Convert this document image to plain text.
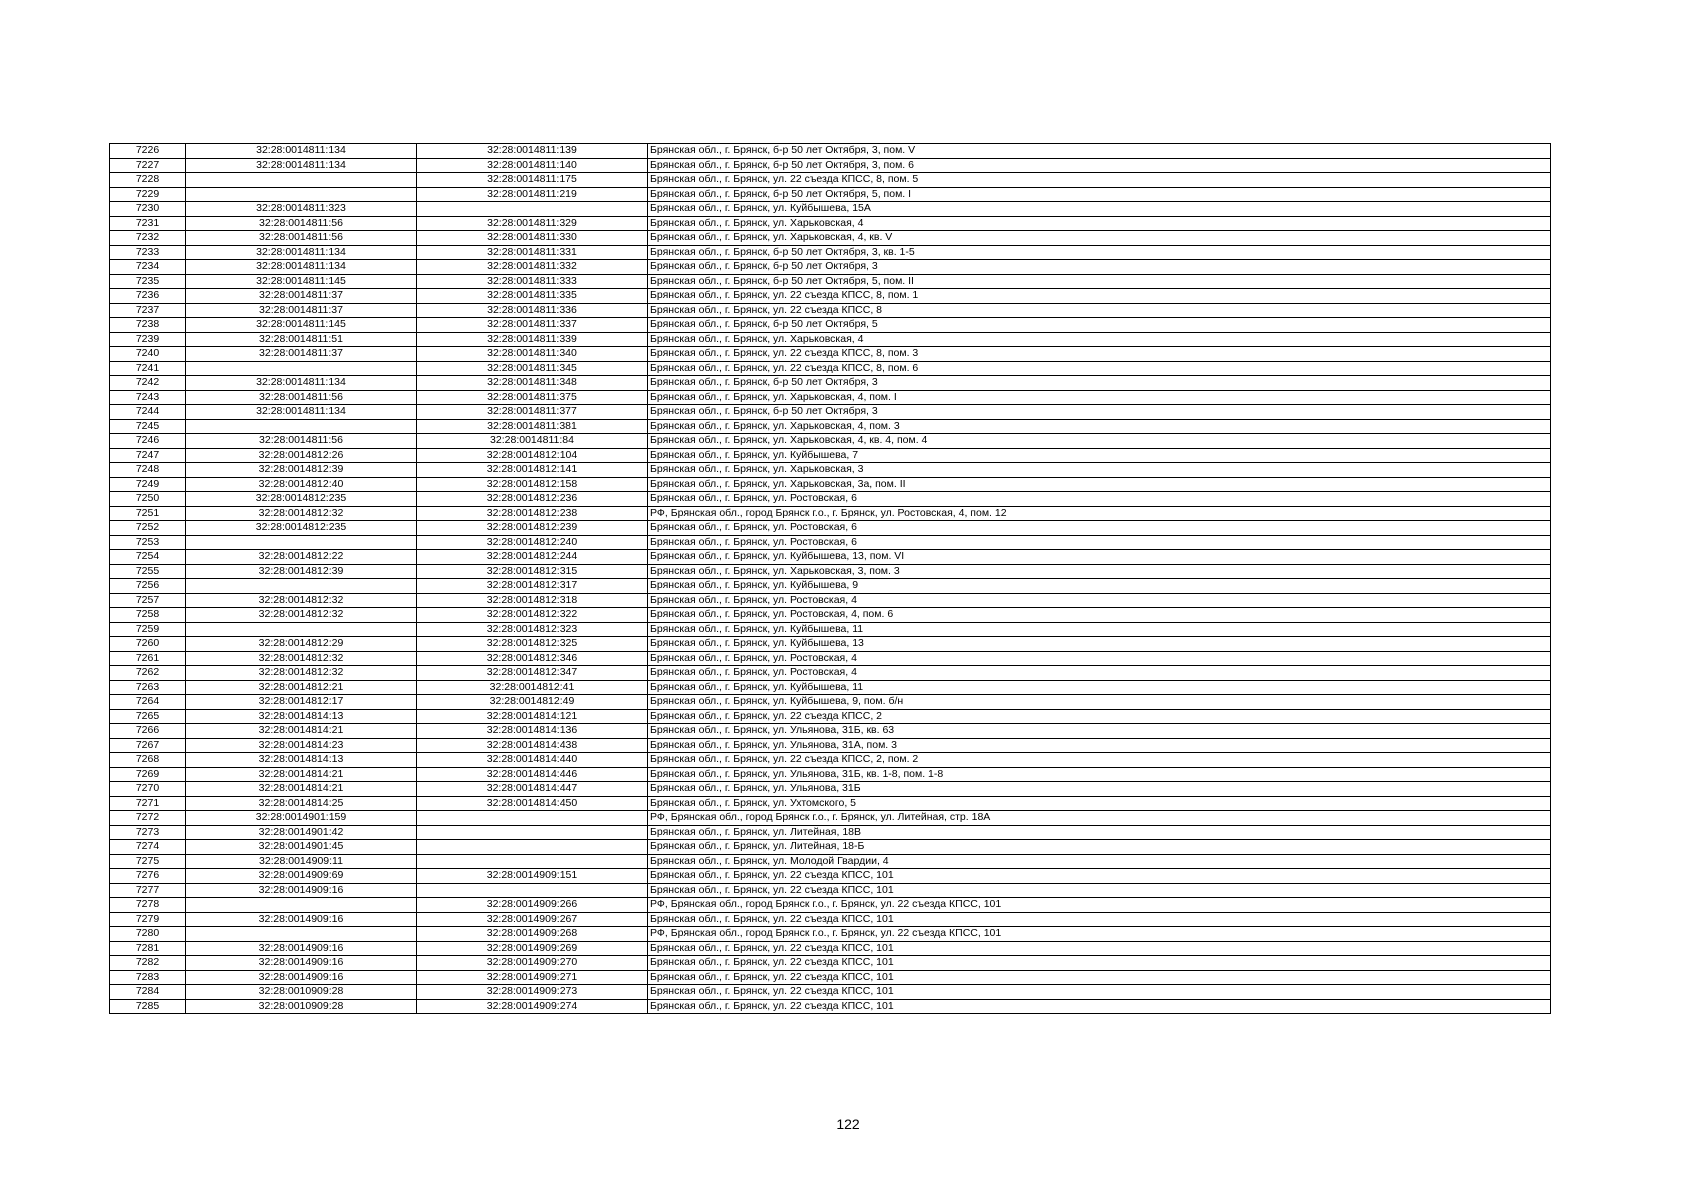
7226	32:28:0014811:134	32:28:0014811:139	Брянская обл., г. Брянск, б-р 50 лет Октября, 3, пом. V
7227	32:28:0014811:134	32:28:0014811:140	Брянская обл., г. Брянск, б-р 50 лет Октября, 3, пом. 6
7228		32:28:0014811:175	Брянская обл., г. Брянск, ул. 22 съезда КПСС, 8, пом. 5
7229		32:28:0014811:219	Брянская обл., г. Брянск, б-р 50 лет Октября, 5, пом. I
7230	32:28:0014811:323		Брянская обл., г. Брянск, ул. Куйбышева, 15А
7231	32:28:0014811:56	32:28:0014811:329	Брянская обл., г. Брянск, ул. Харьковская, 4
7232	32:28:0014811:56	32:28:0014811:330	Брянская обл., г. Брянск, ул. Харьковская, 4, кв. V
7233	32:28:0014811:134	32:28:0014811:331	Брянская обл., г. Брянск, б-р 50 лет Октября, 3, кв. 1-5
7234	32:28:0014811:134	32:28:0014811:332	Брянская обл., г. Брянск, б-р 50 лет Октября, 3
7235	32:28:0014811:145	32:28:0014811:333	Брянская обл., г. Брянск, б-р 50 лет Октября, 5, пом. II
7236	32:28:0014811:37	32:28:0014811:335	Брянская обл., г. Брянск, ул. 22 съезда КПСС, 8, пом. 1
7237	32:28:0014811:37	32:28:0014811:336	Брянская обл., г. Брянск, ул. 22 съезда КПСС, 8
7238	32:28:0014811:145	32:28:0014811:337	Брянская обл., г. Брянск, б-р 50 лет Октября, 5
7239	32:28:0014811:51	32:28:0014811:339	Брянская обл., г. Брянск, ул. Харьковская, 4
7240	32:28:0014811:37	32:28:0014811:340	Брянская обл., г. Брянск, ул. 22 съезда КПСС, 8, пом. 3
7241		32:28:0014811:345	Брянская обл., г. Брянск, ул. 22 съезда КПСС, 8, пом. 6
7242	32:28:0014811:134	32:28:0014811:348	Брянская обл., г. Брянск, б-р 50 лет Октября, 3
7243	32:28:0014811:56	32:28:0014811:375	Брянская обл., г. Брянск, ул. Харьковская, 4, пом. I
7244	32:28:0014811:134	32:28:0014811:377	Брянская обл., г. Брянск, б-р 50 лет Октября, 3
7245		32:28:0014811:381	Брянская обл., г. Брянск, ул. Харьковская, 4, пом. 3
7246	32:28:0014811:56	32:28:0014811:84	Брянская обл., г. Брянск, ул. Харьковская, 4, кв. 4, пом. 4
7247	32:28:0014812:26	32:28:0014812:104	Брянская обл., г. Брянск, ул. Куйбышева, 7
7248	32:28:0014812:39	32:28:0014812:141	Брянская обл., г. Брянск, ул. Харьковская, 3
7249	32:28:0014812:40	32:28:0014812:158	Брянская обл., г. Брянск, ул. Харьковская, 3а, пом. II
7250	32:28:0014812:235	32:28:0014812:236	Брянская обл., г. Брянск, ул. Ростовская, 6
7251	32:28:0014812:32	32:28:0014812:238	РФ, Брянская обл., город Брянск г.о., г. Брянск, ул. Ростовская, 4, пом. 12
7252	32:28:0014812:235	32:28:0014812:239	Брянская обл., г. Брянск, ул. Ростовская, 6
7253		32:28:0014812:240	Брянская обл., г. Брянск, ул. Ростовская, 6
7254	32:28:0014812:22	32:28:0014812:244	Брянская обл., г. Брянск, ул. Куйбышева, 13, пом. VI
7255	32:28:0014812:39	32:28:0014812:315	Брянская обл., г. Брянск, ул. Харьковская, 3, пом. 3
7256		32:28:0014812:317	Брянская обл., г. Брянск, ул. Куйбышева, 9
7257	32:28:0014812:32	32:28:0014812:318	Брянская обл., г. Брянск, ул. Ростовская, 4
7258	32:28:0014812:32	32:28:0014812:322	Брянская обл., г. Брянск, ул. Ростовская, 4, пом. 6
7259		32:28:0014812:323	Брянская обл., г. Брянск, ул. Куйбышева, 11
7260	32:28:0014812:29	32:28:0014812:325	Брянская обл., г. Брянск, ул. Куйбышева, 13
7261	32:28:0014812:32	32:28:0014812:346	Брянская обл., г. Брянск, ул. Ростовская, 4
7262	32:28:0014812:32	32:28:0014812:347	Брянская обл., г. Брянск, ул. Ростовская, 4
7263	32:28:0014812:21	32:28:0014812:41	Брянская обл., г. Брянск, ул. Куйбышева, 11
7264	32:28:0014812:17	32:28:0014812:49	Брянская обл., г. Брянск, ул. Куйбышева, 9, пом. б/н
7265	32:28:0014814:13	32:28:0014814:121	Брянская обл., г. Брянск, ул. 22 съезда КПСС, 2
7266	32:28:0014814:21	32:28:0014814:136	Брянская обл., г. Брянск, ул. Ульянова, 31Б, кв. 63
7267	32:28:0014814:23	32:28:0014814:438	Брянская обл., г. Брянск, ул. Ульянова, 31А, пом. 3
7268	32:28:0014814:13	32:28:0014814:440	Брянская обл., г. Брянск, ул. 22 съезда КПСС, 2, пом. 2
7269	32:28:0014814:21	32:28:0014814:446	Брянская обл., г. Брянск, ул. Ульянова, 31Б, кв. 1-8, пом. 1-8
7270	32:28:0014814:21	32:28:0014814:447	Брянская обл., г. Брянск, ул. Ульянова, 31Б
7271	32:28:0014814:25	32:28:0014814:450	Брянская обл., г. Брянск, ул. Ухтомского, 5
7272	32:28:0014901:159		РФ, Брянская обл., город Брянск г.о., г. Брянск, ул. Литейная, стр. 18А
7273	32:28:0014901:42		Брянская обл., г. Брянск, ул. Литейная, 18В
7274	32:28:0014901:45		Брянская обл., г. Брянск, ул. Литейная, 18-Б
7275	32:28:0014909:11		Брянская обл., г. Брянск, ул. Молодой Гвардии, 4
7276	32:28:0014909:69	32:28:0014909:151	Брянская обл., г. Брянск, ул. 22 съезда КПСС, 101
7277	32:28:0014909:16		Брянская обл., г. Брянск, ул. 22 съезда КПСС, 101
7278		32:28:0014909:266	РФ, Брянская обл., город Брянск г.о., г. Брянск, ул. 22 съезда КПСС, 101
7279	32:28:0014909:16	32:28:0014909:267	Брянская обл., г. Брянск, ул. 22 съезда КПСС, 101
7280		32:28:0014909:268	РФ, Брянская обл., город Брянск г.о., г. Брянск, ул. 22 съезда КПСС, 101
7281	32:28:0014909:16	32:28:0014909:269	Брянская обл., г. Брянск, ул. 22 съезда КПСС, 101
7282	32:28:0014909:16	32:28:0014909:270	Брянская обл., г. Брянск, ул. 22 съезда КПСС, 101
7283	32:28:0014909:16	32:28:0014909:271	Брянская обл., г. Брянск, ул. 22 съезда КПСС, 101
7284	32:28:0010909:28	32:28:0014909:273	Брянская обл., г. Брянск, ул. 22 съезда КПСС, 101
7285	32:28:0010909:28	32:28:0014909:274	Брянская обл., г. Брянск, ул. 22 съезда КПСС, 101
122
